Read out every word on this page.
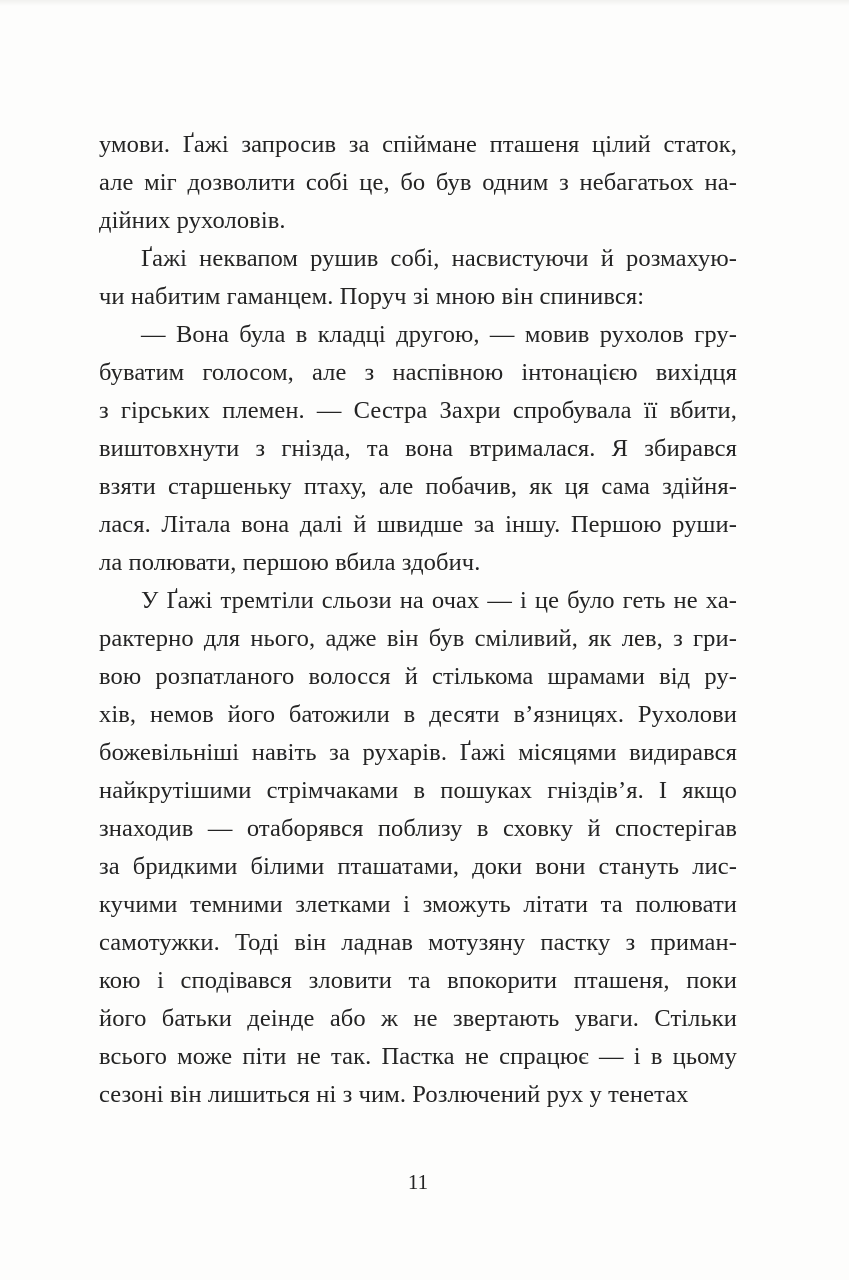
умови. Ґажі запросив за спіймане пташеня цілий статок,
але міг дозволити собі це, бо був одним з небагатьох на-
дійних рухоловів.

Ґажі неквапом рушив собі, насвистуючи й розмахую-
чи набитим гаманцем. Поруч зі мною він спинився:

— Вона була в кладці другою, — мовив рухолов гру-
буватим голосом, але з наспівною інтонацією вихідця
з гірських племен. — Сестра Захри спробувала її вбити,
виштовхнути з гнізда, та вона втрималася. Я збирався
взяти старшеньку птаху, але побачив, як ця сама здійня-
лася. Літала вона далі й швидше за іншу. Першою руши-
ла полювати, першою вбила здобич.

У Ґажі тремтіли сльози на очах — і це було геть не ха-
рактерно для нього, адже він був сміливий, як лев, з гри-
вою розпатланого волосся й стількома шрамами від ру-
хів, немов його батожили в десяти в’язницях. Рухолови
божевільніші навіть за рухарів. Ґажі місяцями видирався
найкрутішими стрімчаками в пошуках гніздів’я. І якщо
знаходив — отаборявся поблизу в сховку й спостерігав
за бридкими білими пташатами, доки вони стануть лис-
кучими темними злетками і зможуть літати та полювати
самотужки. Тоді він ладнав мотузяну пастку з приман-
кою і сподівався зловити та впокорити пташеня, поки
його батьки деінде або ж не звертають уваги. Стільки
всього може піти не так. Пастка не спрацює — і в цьому
сезоні він лишиться ні з чим. Розлючений рух у тенетах

11
